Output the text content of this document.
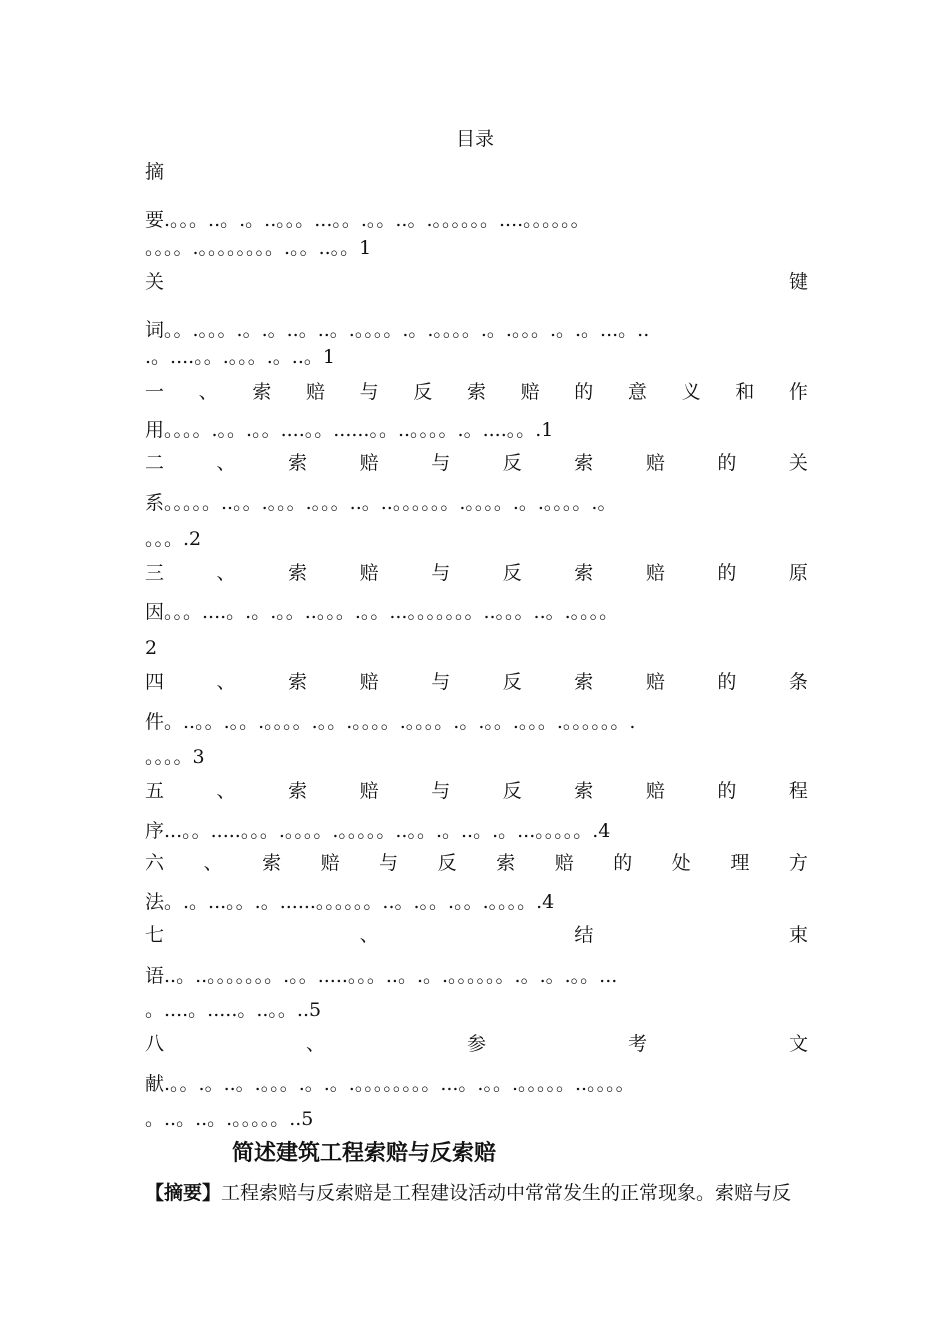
目录
摘
要.。。。..。.。..。。。...。。.。。..。.。。。。。。....。。。。。。
。。。。.。。。。。。。。.。。..。。1
关	键
词。。.。。。.。.。..。..。.。。。。.。.。。。。.。.。。。.。.。...。..
.。....。。.。。。.。..。1
一 、 索 赔 与 反 索 赔 的 意 义 和 作
用。。。。.。。.。。....。。......。。..。。。。.。....。。.1
二	、	索	赔	与	反	索	赔	的	关
系。。。。。..。。.。。。.。。。..。..。。。。。。.。。。。.。.。。。。.。
。。。.2
三	、	索	赔	与	反	索	赔	的	原
因。。。....。.。.。。..。。。.。。...。。。。。。。..。。。..。.。。。。
2
四	、	索	赔	与	反	索	赔	的	条
件。..。。.。。.。。。。.。。.。。。。.。。。。.。.。。.。。。.。。。。。。.
。。。。3
五	、	索	赔	与	反	索	赔	的	程
序...。。.....。。。.。。。。.。。。。。..。。.。..。.。...。。。。。.4
六 、 索 赔 与 反 索 赔 的 处 理 方
法。.。...。。.。......。。。。。。..。.。。.。。.。。。。.4
七	、	结	束
语..。..。。。。。。。.。。.....。。。..。.。.。。。。。。.。.。.。。...
。....。.....。..。。..5
八	、	参	考	文
献.。。.。..。.。。。.。.。.。。。。。。。。...。.。。.。。。。。..。。。。
。..。..。.。。。。。..5
简述建筑工程索赔与反索赔
【摘要】工程索赔与反索赔是工程建设活动中常常发生的正常现象。索赔与反
